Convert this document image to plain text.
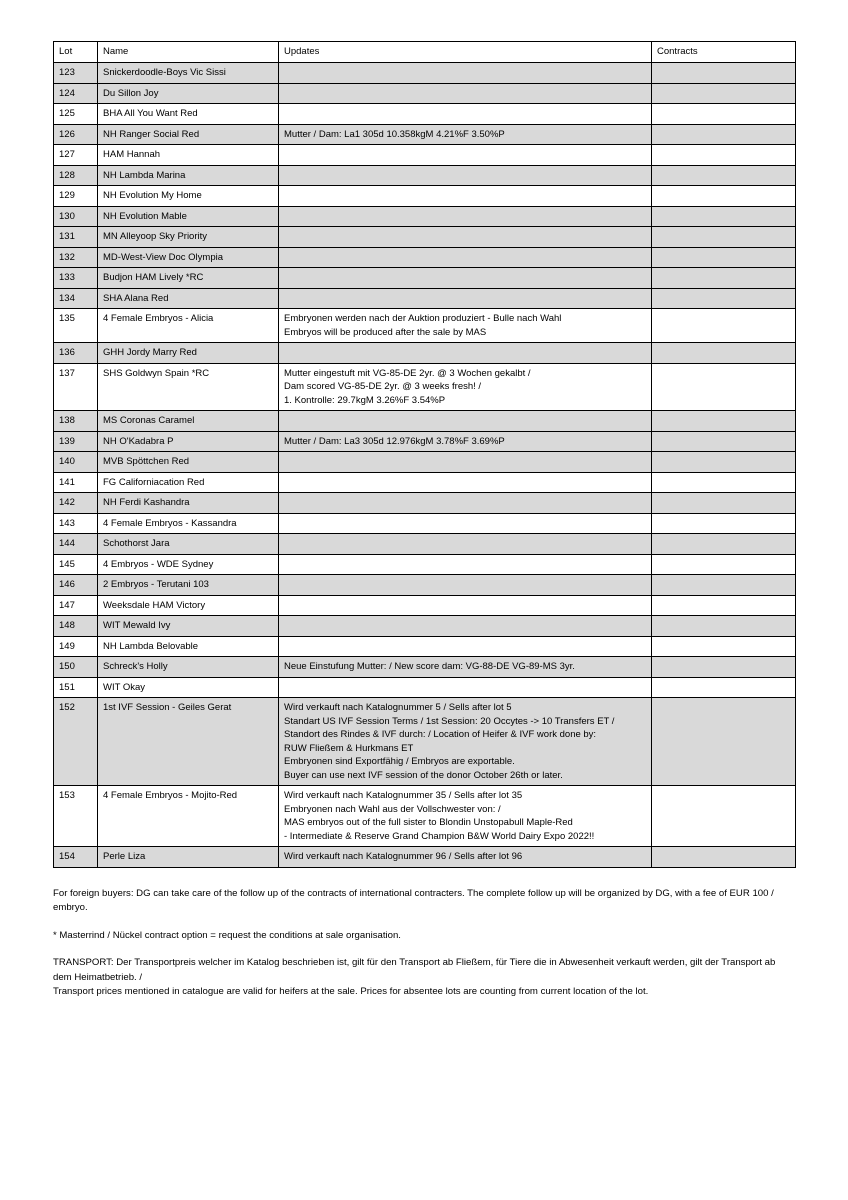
Lot	Name	Updates	Contracts
123	Snickerdoodle-Boys Vic Sissi		
124	Du Sillon Joy		
125	BHA All You Want Red		
126	NH Ranger Social Red	Mutter / Dam: La1 305d 10.358kgM 4.21%F 3.50%P	

127	HAM Hannah		
128	NH Lambda Marina		
129	NH Evolution My Home		
130	NH Evolution Mable		
131	MN Alleyoop Sky Priority		
132	MD-West-View Doc Olympia		
133	Budjon HAM Lively *RC		
134	SHA Alana Red		
135	4 Female Embryos - Alicia	Embryonen werden nach der Auktion produziert - Bulle nach Wahl
Embryos will be produced after the sale by MAS	

136	GHH Jordy Marry Red		
137	SHS Goldwyn Spain *RC	Mutter eingestuft mit VG-85-DE 2yr. @ 3 Wochen gekalbt /
Dam scored VG-85-DE 2yr. @ 3 weeks fresh! /
1. Kontrolle: 29.7kgM 3.26%F 3.54%P	

138	MS Coronas Caramel		
139	NH O'Kadabra P	Mutter / Dam: La3 305d 12.976kgM 3.78%F 3.69%P	

140	MVB Spöttchen Red		
141	FG Californiacation Red		
142	NH Ferdi Kashandra		
143	4 Female Embryos - Kassandra		
144	Schothorst Jara		
145	4 Embryos - WDE Sydney		
146	2 Embryos - Terutani 103		
147	Weeksdale HAM Victory		
148	WIT Mewald Ivy		
149	NH Lambda Belovable		
150	Schreck's Holly	Neue Einstufung Mutter: / New score dam: VG-88-DE VG-89-MS 3yr.	

151	WIT Okay		
152	1st IVF Session - Geiles Gerat	Wird verkauft nach Katalognummer 5 / Sells after lot 5
Standart US IVF Session Terms / 1st Session: 20 Occytes -> 10 Transfers ET /
Standort des Rindes & IVF durch: / Location of Heifer & IVF work done by:
RUW Fließem & Hurkmans ET
Embryonen sind Exportfähig / Embryos are exportable.
Buyer can use next IVF session of the donor October 26th or later.

153	4 Female Embryos - Mojito-Red	Wird verkauft nach Katalognummer 35 / Sells after lot 35
Embryonen nach Wahl aus der Vollschwester von: /
MAS embryos out of the full sister to Blondin Unstopabull Maple-Red
- Intermediate & Reserve Grand Champion B&W World Dairy Expo 2022!!	

154	Perle Liza	Wird verkauft nach Katalognummer 96 / Sells after lot 96	

For foreign buyers: DG can take care of the follow up of the contracts of international contracters. The complete follow up will be organized by DG, with a fee of EUR 100 / embryo.

* Masterrind / Nückel contract option = request the conditions at sale organisation.

TRANSPORT: Der Transportpreis welcher im Katalog beschrieben ist, gilt für den Transport ab Fließem, für Tiere die in Abwesenheit verkauft werden, gilt der Transport ab dem Heimatbetrieb. /
Transport prices mentioned in catalogue are valid for heifers at the sale. Prices for absentee lots are counting from current location of the lot.
